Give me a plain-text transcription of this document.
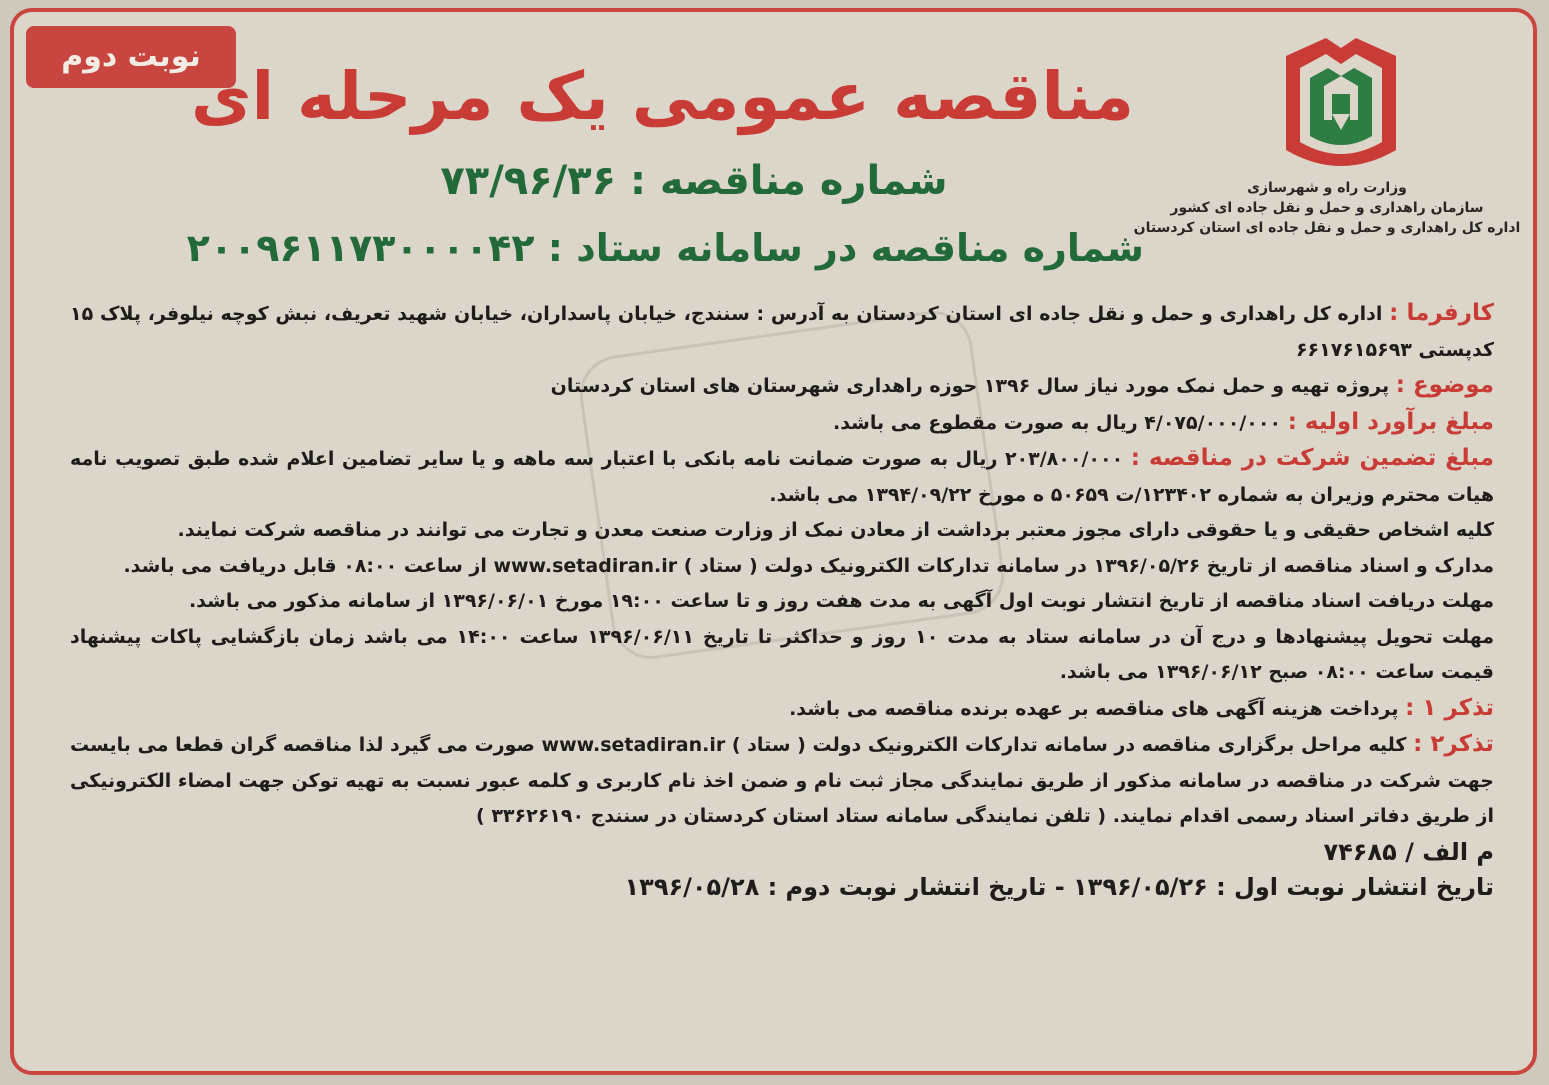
نوبت دوم
مناقصه عمومی یک مرحله ای
شماره مناقصه : ۷۳/۹۶/۳۶
شماره مناقصه در سامانه ستاد : ۲۰۰۹۶۱۱۷۳۰۰۰۰۴۲
وزارت راه و شهرسازی
سازمان راهداری و حمل و نقل جاده ای کشور
اداره کل راهداری و حمل و نقل جاده ای استان کردستان

کارفرما : اداره کل راهداری و حمل و نقل جاده ای استان کردستان به آدرس : سنندج، خیابان پاسداران، خیابان شهید تعریف، نبش کوچه نیلوفر، پلاک ۱۵ کدپستی ۶۶۱۷۶۱۵۶۹۳

موضوع : پروژه تهیه و حمل نمک مورد نیاز سال ۱۳۹۶ حوزه راهداری شهرستان های استان کردستان

مبلغ برآورد اولیه : ۴/۰۷۵/۰۰۰/۰۰۰ ریال به صورت مقطوع می باشد.

مبلغ تضمین شرکت در مناقصه : ۲۰۳/۸۰۰/۰۰۰ ریال به صورت ضمانت نامه بانکی با اعتبار سه ماهه و یا سایر تضامین اعلام شده طبق تصویب نامه هیات محترم وزیران به شماره ۱۲۳۴۰۲/ت ۵۰۶۵۹ ه مورخ ۱۳۹۴/۰۹/۲۲ می باشد.

کلیه اشخاص حقیقی و یا حقوقی دارای مجوز معتبر برداشت از معادن نمک از وزارت صنعت معدن و تجارت می توانند در مناقصه شرکت نمایند.

مدارک و اسناد مناقصه از تاریخ ۱۳۹۶/۰۵/۲۶ در سامانه تدارکات الکترونیک دولت ( ستاد ) www.setadiran.ir از ساعت ۰۸:۰۰ قابل دریافت می باشد.

مهلت دریافت اسناد مناقصه از تاریخ انتشار نوبت اول آگهی به مدت هفت روز و تا ساعت ۱۹:۰۰ مورخ ۱۳۹۶/۰۶/۰۱ از سامانه مذکور می باشد.

مهلت تحویل پیشنهادها و درج آن در سامانه ستاد به مدت ۱۰ روز و حداکثر تا تاریخ ۱۳۹۶/۰۶/۱۱ ساعت ۱۴:۰۰ می باشد زمان بازگشایی پاکات پیشنهاد قیمت ساعت ۰۸:۰۰ صبح ۱۳۹۶/۰۶/۱۲ می باشد.

تذکر ۱ : پرداخت هزینه آگهی های مناقصه بر عهده برنده مناقصه می باشد.

تذکر۲ : کلیه مراحل برگزاری مناقصه در سامانه تدارکات الکترونیک دولت ( ستاد ) www.setadiran.ir صورت می گیرد لذا مناقصه گران قطعا می بایست جهت شرکت در مناقصه در سامانه مذکور از طریق نمایندگی مجاز ثبت نام و ضمن اخذ نام کاربری و کلمه عبور نسبت به تهیه توکن جهت امضاء الکترونیکی از طریق دفاتر اسناد رسمی اقدام نمایند. ( تلفن نمایندگی سامانه ستاد استان کردستان در سنندج ۳۳۶۲۶۱۹۰ )

م الف / ۷۴۶۸۵

تاریخ انتشار نوبت اول : ۱۳۹۶/۰۵/۲۶ - تاریخ انتشار نوبت دوم : ۱۳۹۶/۰۵/۲۸
